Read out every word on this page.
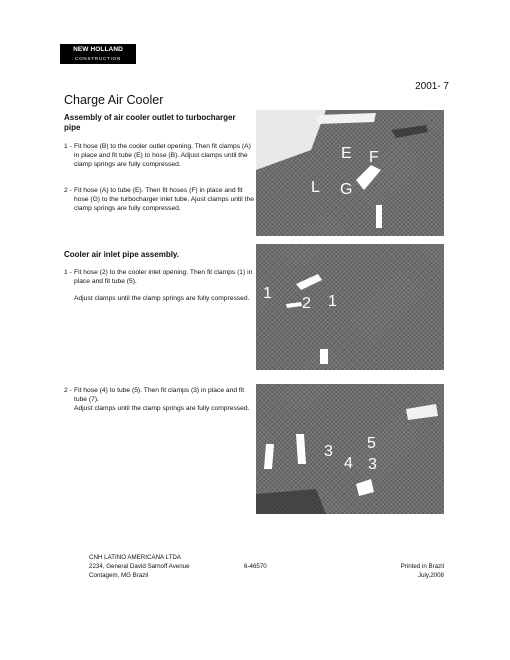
NEW HOLLAND
CONSTRUCTION
2001- 7
Charge Air Cooler
Assembly of air cooler outlet to turbocharger pipe
1 - Fit hose (B) to the cooler outlet opening. Then fit clamps (A) in place and fit tube (E) to hose (B). Adjust clamps until the clamp springs are fully compressed.
2 - Fit hose (A) to tube (E). Then fit hoses (F) in place and fit hose (G) to the turbocharger inlet tube. Ajust clamps until the clamp springs are fully compressed.
E F
L G
Cooler air inlet pipe assembly.
1 - Fit hose (2) to the cooler inlet opening. Then fit clamps (1) in place and fit tube (5).
Adjust clamps until the clamp springs are fully compressed. 1
2 1
2 - Fit hose (4) to tube (5). Then fit clamps (3) in place and fit tube (7).
Adjust clamps until the clamp springs are fully compressed.
5
3
4 3
CNH LATINO AMERICANA LTDA
2234, General David Sarnoff Avenue
Contagem, MG Brazil
6-46570	Printed in Brazil
July,2008
